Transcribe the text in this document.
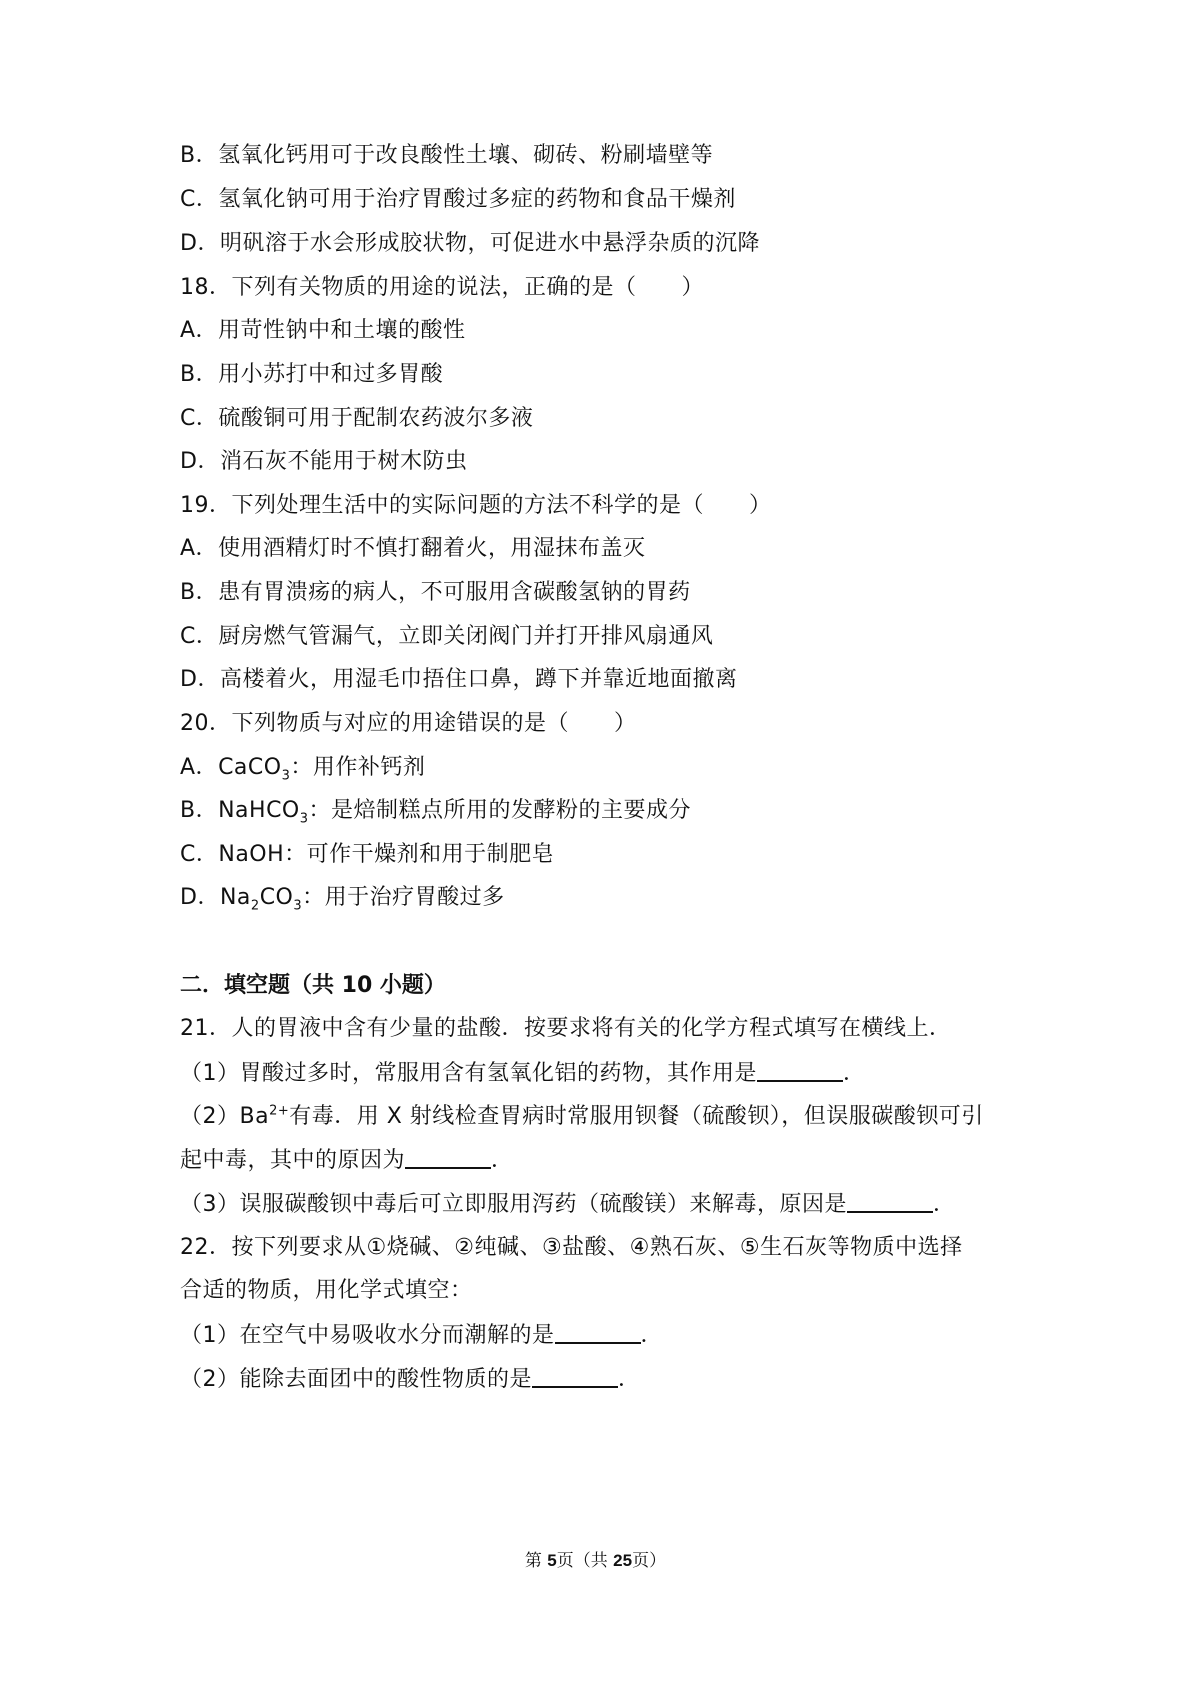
B．氢氧化钙用可于改良酸性土壤、砌砖、粉刷墙壁等
C．氢氧化钠可用于治疗胃酸过多症的药物和食品干燥剂
D．明矾溶于水会形成胶状物，可促进水中悬浮杂质的沉降
18．下列有关物质的用途的说法，正确的是（　　）
A．用苛性钠中和土壤的酸性
B．用小苏打中和过多胃酸
C．硫酸铜可用于配制农药波尔多液
D．消石灰不能用于树木防虫
19．下列处理生活中的实际问题的方法不科学的是（　　）
A．使用酒精灯时不慎打翻着火，用湿抹布盖灭
B．患有胃溃疡的病人，不可服用含碳酸氢钠的胃药
C．厨房燃气管漏气，立即关闭阀门并打开排风扇通风
D．高楼着火，用湿毛巾捂住口鼻，蹲下并靠近地面撤离
20．下列物质与对应的用途错误的是（　　）
A．CaCO$_3$：用作补钙剂
B．NaHCO$_3$：是焙制糕点所用的发酵粉的主要成分
C．NaOH：可作干燥剂和用于制肥皂
D．$Na_2CO_3$：用于治疗胃酸过多
二．填空题（共 10 小题）
21．人的胃液中含有少量的盐酸．按要求将有关的化学方程式填写在横线上．
（1）胃酸过多时，常服用含有氢氧化铝的药物，其作用是	．
$(2)Ba^{2+}$有毒．用 X 射线检查胃病时常服用钡餐（硫酸钡），但误服碳酸钡可引
起中毒，其中的原因为	．
（3）误服碳酸钡中毒后可立即服用泻药（硫酸镁）来解毒，原因是	．
22．按下列要求从①烧碱、②纯碱、③盐酸、④熟石灰、⑤生石灰等物质中选择
合适的物质，用化学式填空：
（1）在空气中易吸收水分而潮解的是	．
（2）能除去面团中的酸性物质的是	．
第 5页（共 25页）
